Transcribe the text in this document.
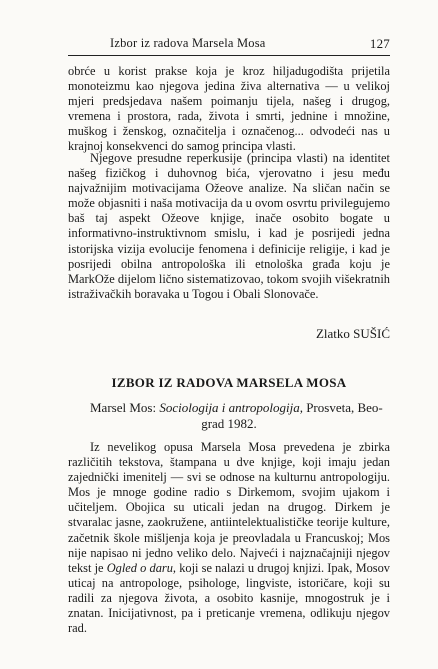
Izbor iz radova Marsela Mosa	127

obrće u korist prakse koja je kroz hiljadugodišta prijetila monoteizmu kao njegova jedina živa alternativa — u velikoj mjeri predsjedava našem poimanju tijela, našeg i drugog, vremena i prostora, rada, života i smrti, jednine i množine, muškog i ženskog, označitelja i označenog... odvodeći nas u krajnoj konsekvenci do samog principa vlasti.

Njegove presudne reperkusije (principa vlasti) na identitet našeg fizičkog i duhovnog bića, vjerovatno i jesu među najvažnijim motivacijama Ožeove analize. Na sličan način se može objasniti i naša motivacija da u ovom osvrtu privilegujemo baš taj aspekt Ožeove knjige, inače osobito bogate u informativno-instruktivnom smislu, i kad je posrijedi jedna istorijska vizija evolucije fenomena i definicije religije, i kad je posrijedi obilna antropološka ili etnološka građa koju je MarkOže dijelom lično sistematizovao, tokom svojih višekratnih istraživačkih boravaka u Togou i Obali Slonovače.

Zlatko SUŠIĆ
IZBOR IZ RADOVA MARSELA MOSA
Marsel Mos: Sociologija i antropologija, Prosveta, Beo-
grad 1982.

Iz nevelikog opusa Marsela Mosa prevedena je zbirka različitih tekstova, štampana u dve knjige, koji imaju jedan zajednički imenitelj — svi se odnose na kulturnu antropologiju. Mos je mnoge godine radio s Dirkemom, svojim ujakom i učiteljem. Obojica su uticali jedan na drugog. Dirkem je stvaralac jasne, zaokružene, antiintelektualističke teorije kulture, začetnik škole mišljenja koja je preovladala u Francuskoj; Mos nije napisao ni jedno veliko delo. Najveći i najznačajniji njegov tekst je Ogled o daru, koji se nalazi u drugoj knjizi. Ipak, Mosov uticaj na antropologe, psihologe, lingviste, istoričare, koji su radili za njegova života, a osobito kasnije, mnogostruk je i znatan. Inicijativnost, pa i preticanje vremena, odlikuju njegov rad.
